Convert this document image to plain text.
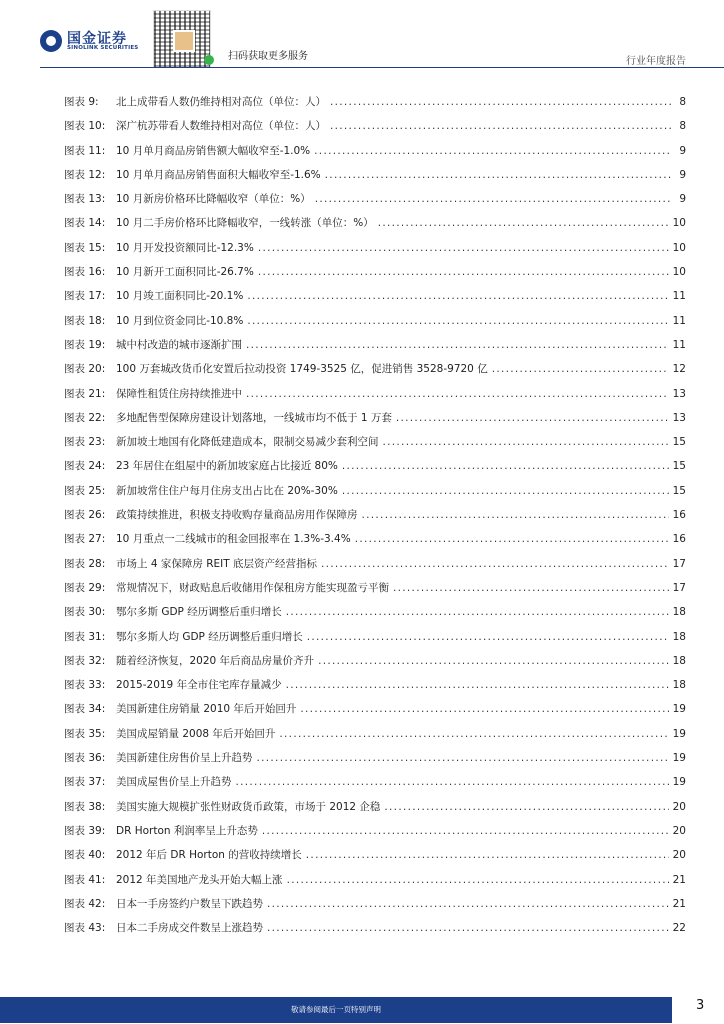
国金证券
SINOLINK SECURITIES
扫码获取更多服务	行业年度报告
图表 9:	北上成带看人数仍维持相对高位（单位：人） .....	8
图表 10:	深广杭苏带看人数维持相对高位（单位：人） .....	8
图表 11:	10 月单月商品房销售额大幅收窄至-1.0% .....	9
图表 12:	10 月单月商品房销售面积大幅收窄至-1.6% .....	9
图表 13:	10 月新房价格环比降幅收窄（单位：%） .....	9
图表 14:	10 月二手房价格环比降幅收窄，一线转涨（单位：%） .....	10
图表 15:	10 月开发投资额同比-12.3% .....	10
图表 16:	10 月新开工面积同比-26.7% .....	10
图表 17:	10 月竣工面积同比-20.1% .....	11
图表 18:	10 月到位资金同比-10.8% .....	11
图表 19:	城中村改造的城市逐渐扩围 .....	11
图表 20:	100 万套城改货币化安置后拉动投资 1749-3525 亿，促进销售 3528-9720 亿 .....	12
图表 21:	保障性租赁住房持续推进中 .....	13
图表 22:	多地配售型保障房建设计划落地，一线城市均不低于 1 万套 .....	13
图表 23:	新加坡土地国有化降低建造成本，限制交易减少套利空间 .....	15
图表 24:	23 年居住在组屋中的新加坡家庭占比接近 80% .....	15
图表 25:	新加坡常住住户每月住房支出占比在 20%-30% .....	15
图表 26:	政策持续推进，积极支持收购存量商品房用作保障房 .....	16
图表 27:	10 月重点一二线城市的租金回报率在 1.3%-3.4% .....	16
图表 28:	市场上 4 家保障房 REIT 底层资产经营指标 .....	17
图表 29:	常规情况下，财政贴息后收储用作保租房方能实现盈亏平衡 .....	17
图表 30:	鄂尔多斯 GDP 经历调整后重归增长 .....	18
图表 31:	鄂尔多斯人均 GDP 经历调整后重归增长 .....	18
图表 32:	随着经济恢复，2020 年后商品房量价齐升 .....	18
图表 33:	2015-2019 年全市住宅库存量减少 .....	18
图表 34:	美国新建住房销量 2010 年后开始回升 .....	19
图表 35:	美国成屋销量 2008 年后开始回升 .....	19
图表 36:	美国新建住房售价呈上升趋势 .....	19
图表 37:	美国成屋售价呈上升趋势 .....	19
图表 38:	美国实施大规模扩张性财政货币政策，市场于 2012 企稳 .....	20
图表 39:	DR Horton 利润率呈上升态势 .....	20
图表 40:	2012 年后 DR Horton 的营收持续增长 .....	20
图表 41:	2012 年美国地产龙头开始大幅上涨 .....	21
图表 42:	日本一手房签约户数呈下跌趋势 .....	21
图表 43:	日本二手房成交件数呈上涨趋势 .....	22
敬请参阅最后一页特别声明	3
